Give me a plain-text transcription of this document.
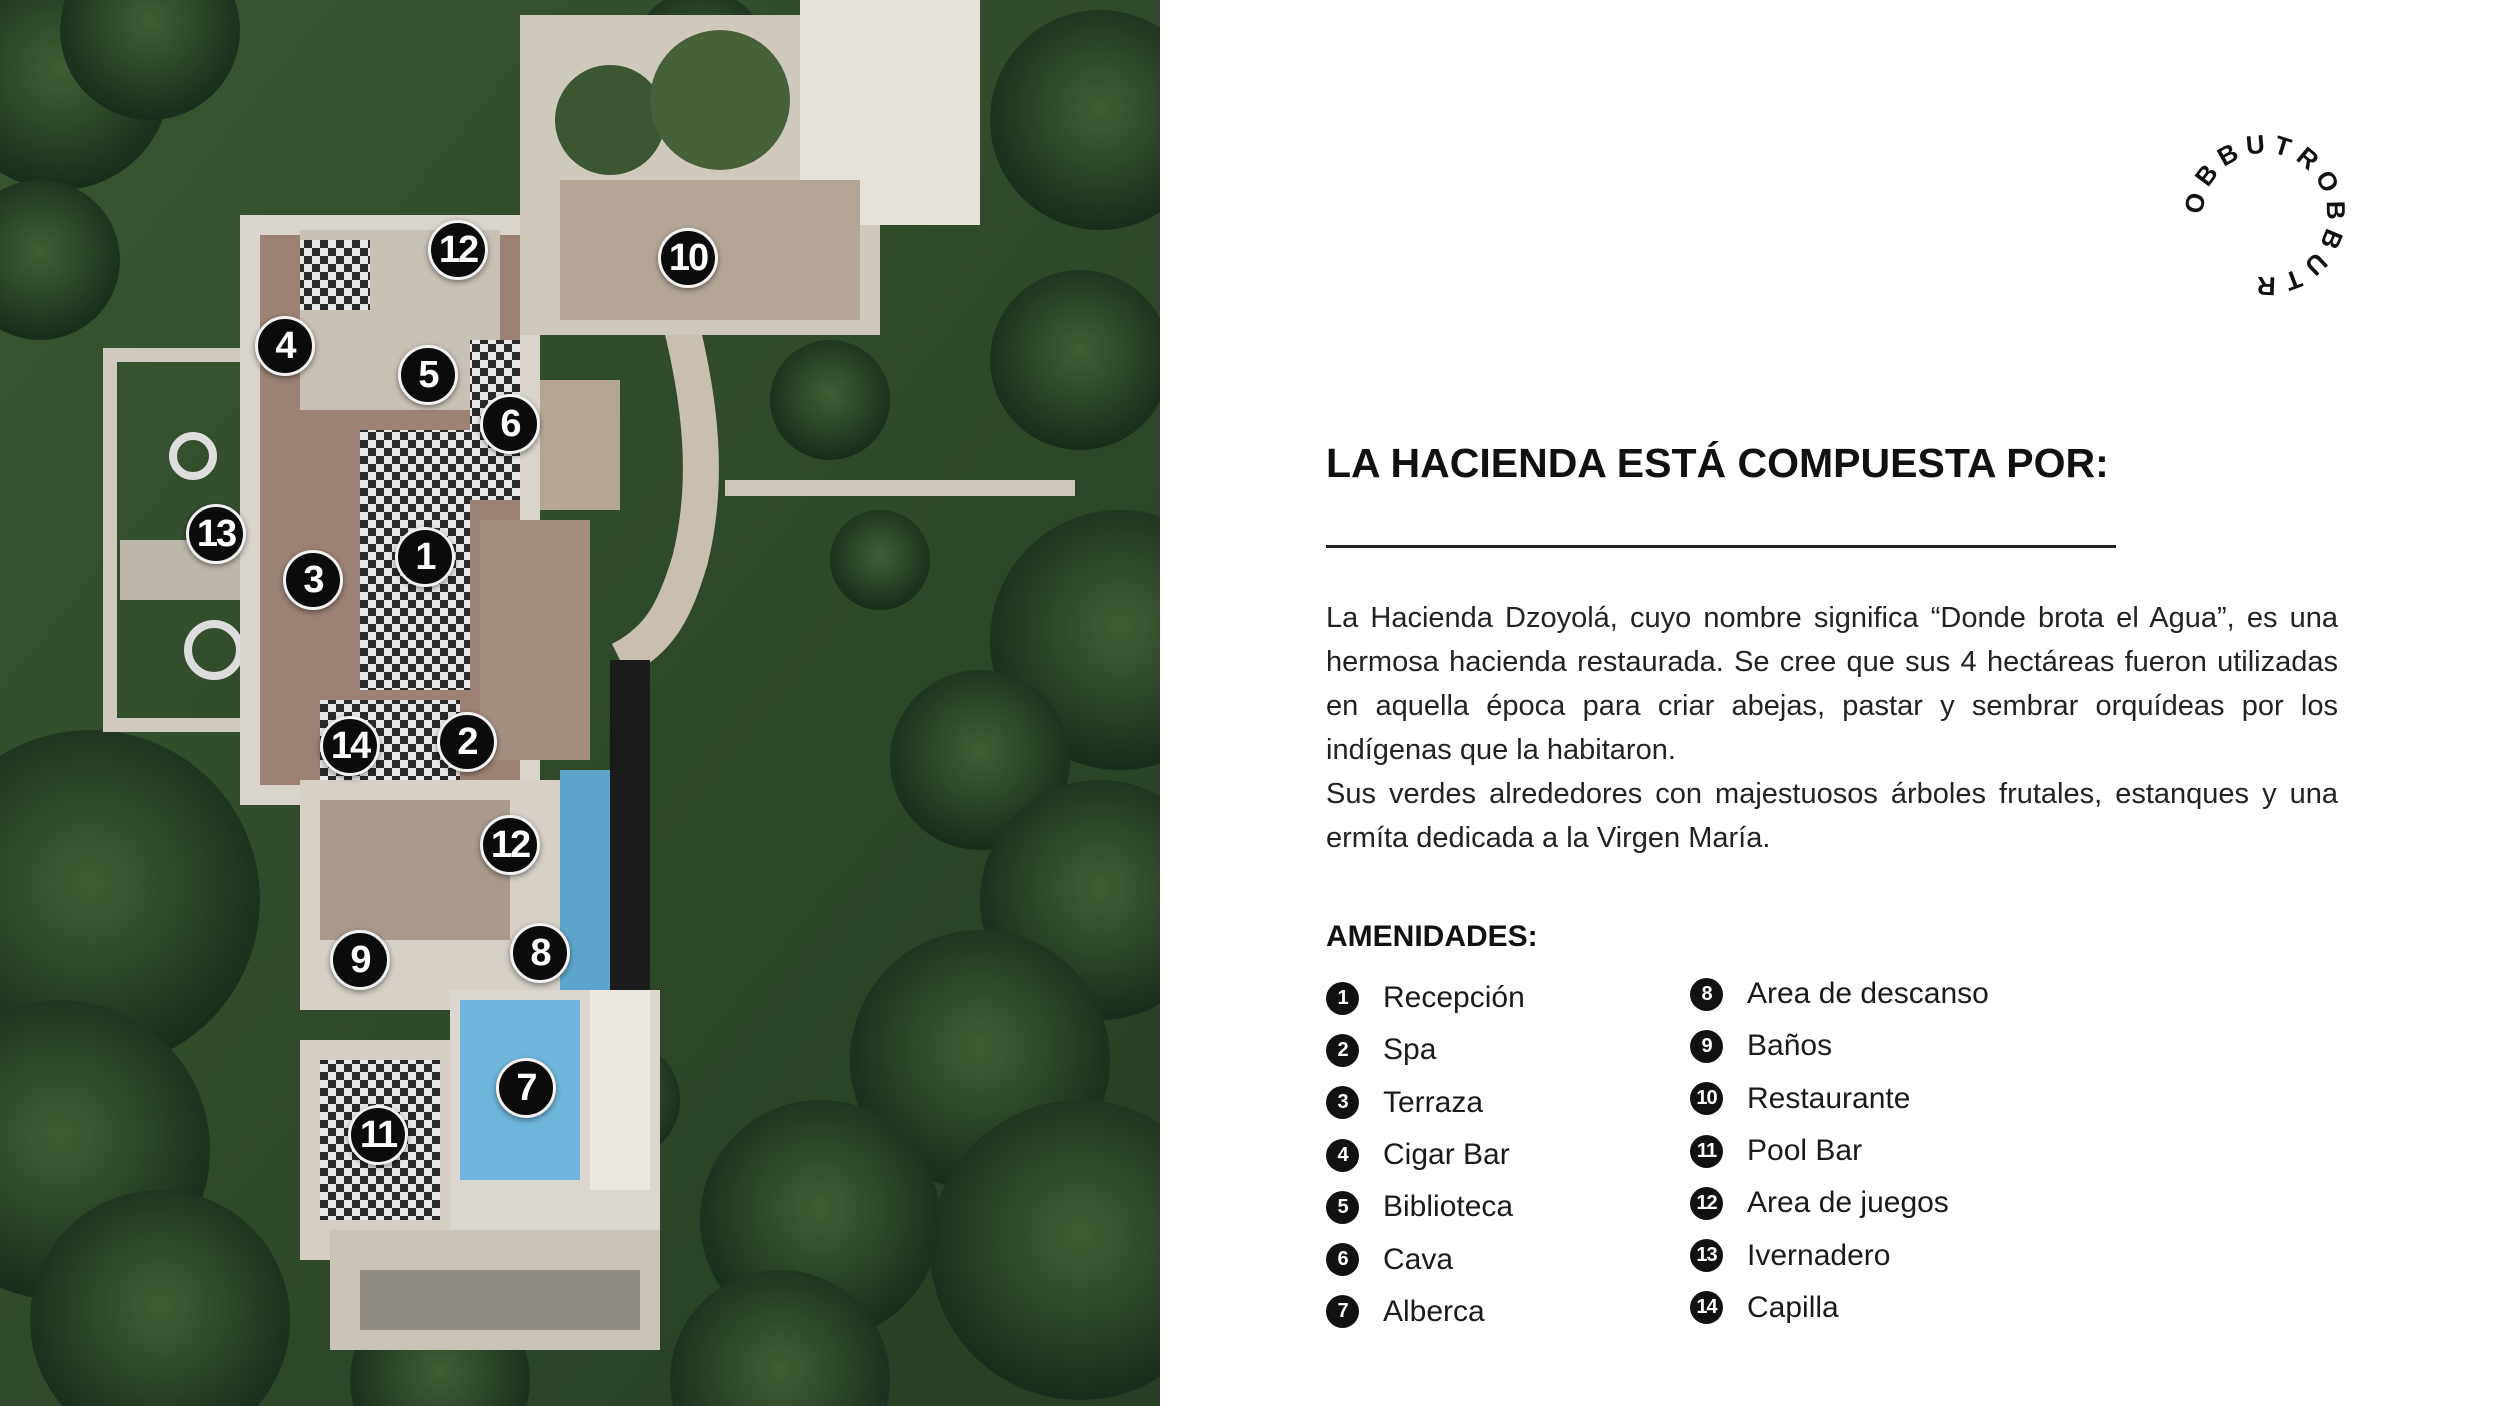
12	10
4
5
6
13
1
3
14	2
12
9	8
7
11
OBBUTROBBUTR
LA HACIENDA ESTÁ COMPUESTA POR:

La Hacienda Dzoyolá, cuyo nombre significa “Donde brota el Agua”, es una hermosa hacienda restaurada. Se cree que sus 4 hectáreas fueron utilizadas en aquella época para criar abejas, pastar y sembrar orquídeas por los indígenas que la habitaron.

Sus verdes alrededores con majestuosos árboles frutales, estanques y una ermíta dedicada a la Virgen María.

AMENIDADES:
1	Recepción
2	Spa
3	Terraza
4	Cigar Bar
5	Biblioteca
6	Cava
7	Alberca
8	Area de descanso
9	Baños
10 Restaurante
11 Pool Bar
12 Area de juegos
13 Ivernadero
14 Capilla
